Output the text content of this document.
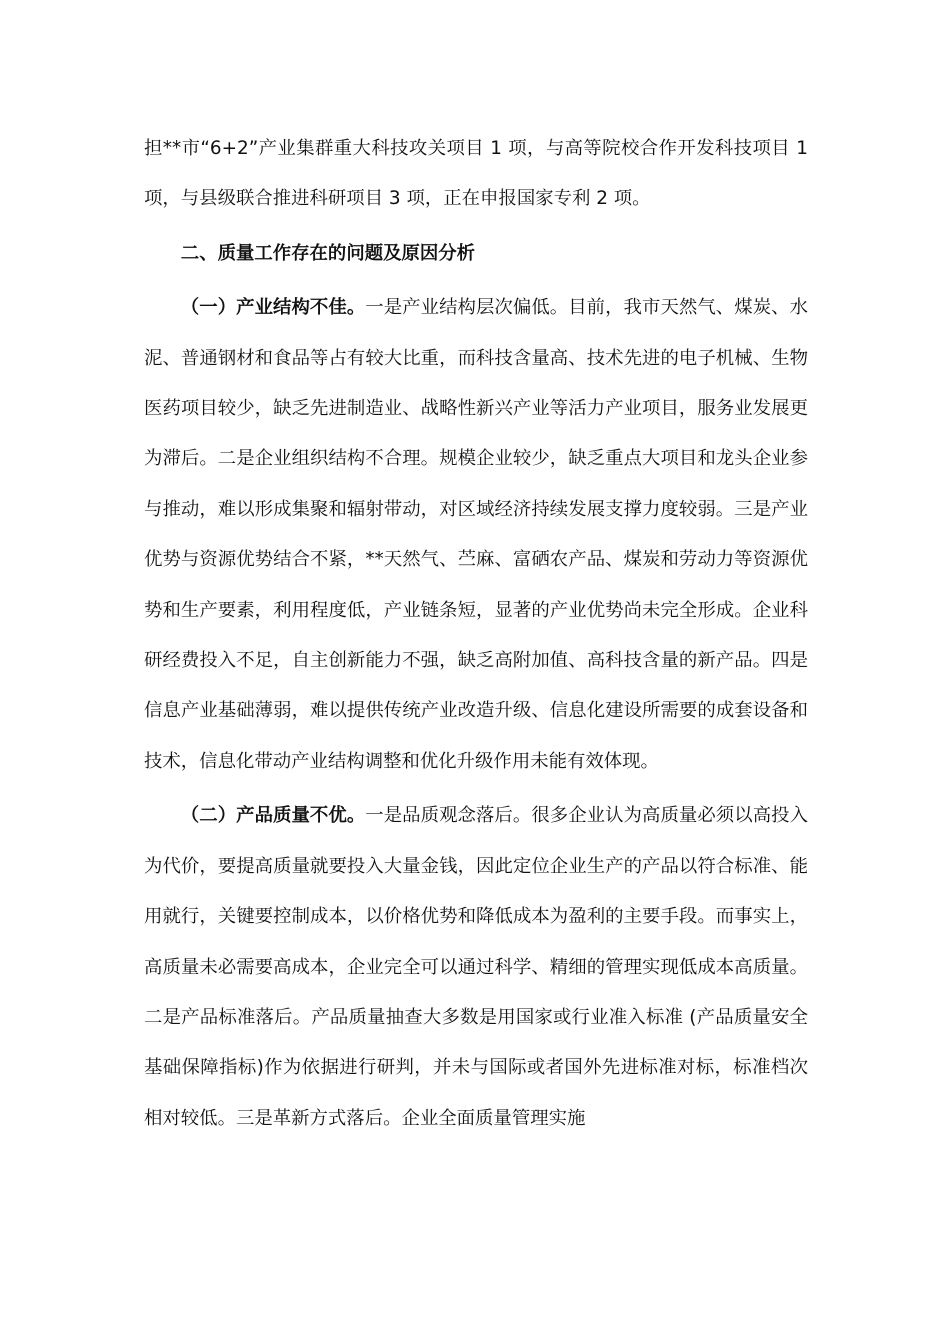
担**市“6+2”产业集群重大科技攻关项目 1 项，与高等院校合作开发科技项目 1 项，与县级联合推进科研项目 3 项，正在申报国家专利 2 项。

二、质量工作存在的问题及原因分析

（一）产业结构不佳。一是产业结构层次偏低。目前，我市天然气、煤炭、水泥、普通钢材和食品等占有较大比重，而科技含量高、技术先进的电子机械、生物医药项目较少，缺乏先进制造业、战略性新兴产业等活力产业项目，服务业发展更为滞后。二是企业组织结构不合理。规模企业较少，缺乏重点大项目和龙头企业参与推动，难以形成集聚和辐射带动，对区域经济持续发展支撑力度较弱。三是产业优势与资源优势结合不紧，**天然气、苎麻、富硒农产品、煤炭和劳动力等资源优势和生产要素，利用程度低，产业链条短，显著的产业优势尚未完全形成。企业科研经费投入不足，自主创新能力不强，缺乏高附加值、高科技含量的新产品。四是信息产业基础薄弱，难以提供传统产业改造升级、信息化建设所需要的成套设备和技术，信息化带动产业结构调整和优化升级作用未能有效体现。

（二）产品质量不优。一是品质观念落后。很多企业认为高质量必须以高投入为代价，要提高质量就要投入大量金钱，因此定位企业生产的产品以符合标准、能用就行，关键要控制成本，以价格优势和降低成本为盈利的主要手段。而事实上，高质量未必需要高成本，企业完全可以通过科学、精细的管理实现低成本高质量。二是产品标准落后。产品质量抽查大多数是用国家或行业准入标准 (产品质量安全基础保障指标)作为依据进行研判，并未与国际或者国外先进标准对标，标准档次相对较低。三是革新方式落后。企业全面质量管理实施
